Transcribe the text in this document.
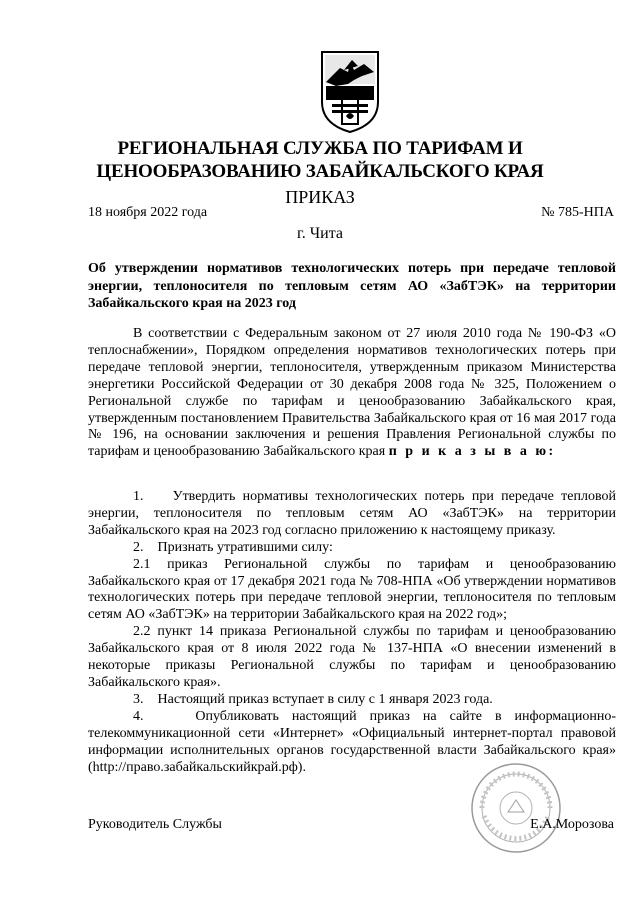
РЕГИОНАЛЬНАЯ СЛУЖБА ПО ТАРИФАМ И
ЦЕНООБРАЗОВАНИЮ ЗАБАЙКАЛЬСКОГО КРАЯ
ПРИКАЗ
18 ноября 2022 года	№ 785-НПА
г. Чита
Об утверждении нормативов технологических потерь при передаче тепловой энергии, теплоносителя по тепловым сетям АО «ЗабТЭК» на территории Забайкальского края на 2023 год
В соответствии с Федеральным законом от 27 июля 2010 года № 190-ФЗ «О теплоснабжении», Порядком определения нормативов технологических потерь при передаче тепловой энергии, теплоносителя, утвержденным приказом Министерства энергетики Российской Федерации от 30 декабря 2008 года № 325, Положением о Региональной службе по тарифам и ценообразованию Забайкальского края, утвержденным постановлением Правительства Забайкальского края от 16 мая 2017 года № 196, на основании заключения и решения Правления Региональной службы по тарифам и ценообразованию Забайкальского края п р и к а з ы в а ю:
1.    Утвердить нормативы технологических потерь при передаче тепловой энергии, теплоносителя по тепловым сетям АО «ЗабТЭК» на территории Забайкальского края на 2023 год согласно приложению к настоящему приказу.
2.    Признать утратившими силу:
2.1 приказ Региональной службы по тарифам и ценообразованию Забайкальского края от 17 декабря 2021 года № 708-НПА «Об утверждении нормативов технологических потерь при передаче тепловой энергии, теплоносителя по тепловым сетям АО «ЗабТЭК» на территории Забайкальского края на 2022 год»;
2.2 пункт 14 приказа Региональной службы по тарифам и ценообразованию Забайкальского края от 8 июля 2022 года № 137-НПА «О внесении изменений в некоторые приказы Региональной службы по тарифам и ценообразованию Забайкальского края».
3.    Настоящий приказ вступает в силу с 1 января 2023 года.
4.    Опубликовать настоящий приказ на сайте в информационно-телекоммуникационной сети «Интернет» «Официальный интернет-портал правовой информации исполнительных органов государственной власти Забайкальского края» (http://право.забайкальскийкрай.рф).
Руководитель Службы	Е.А.Морозова
